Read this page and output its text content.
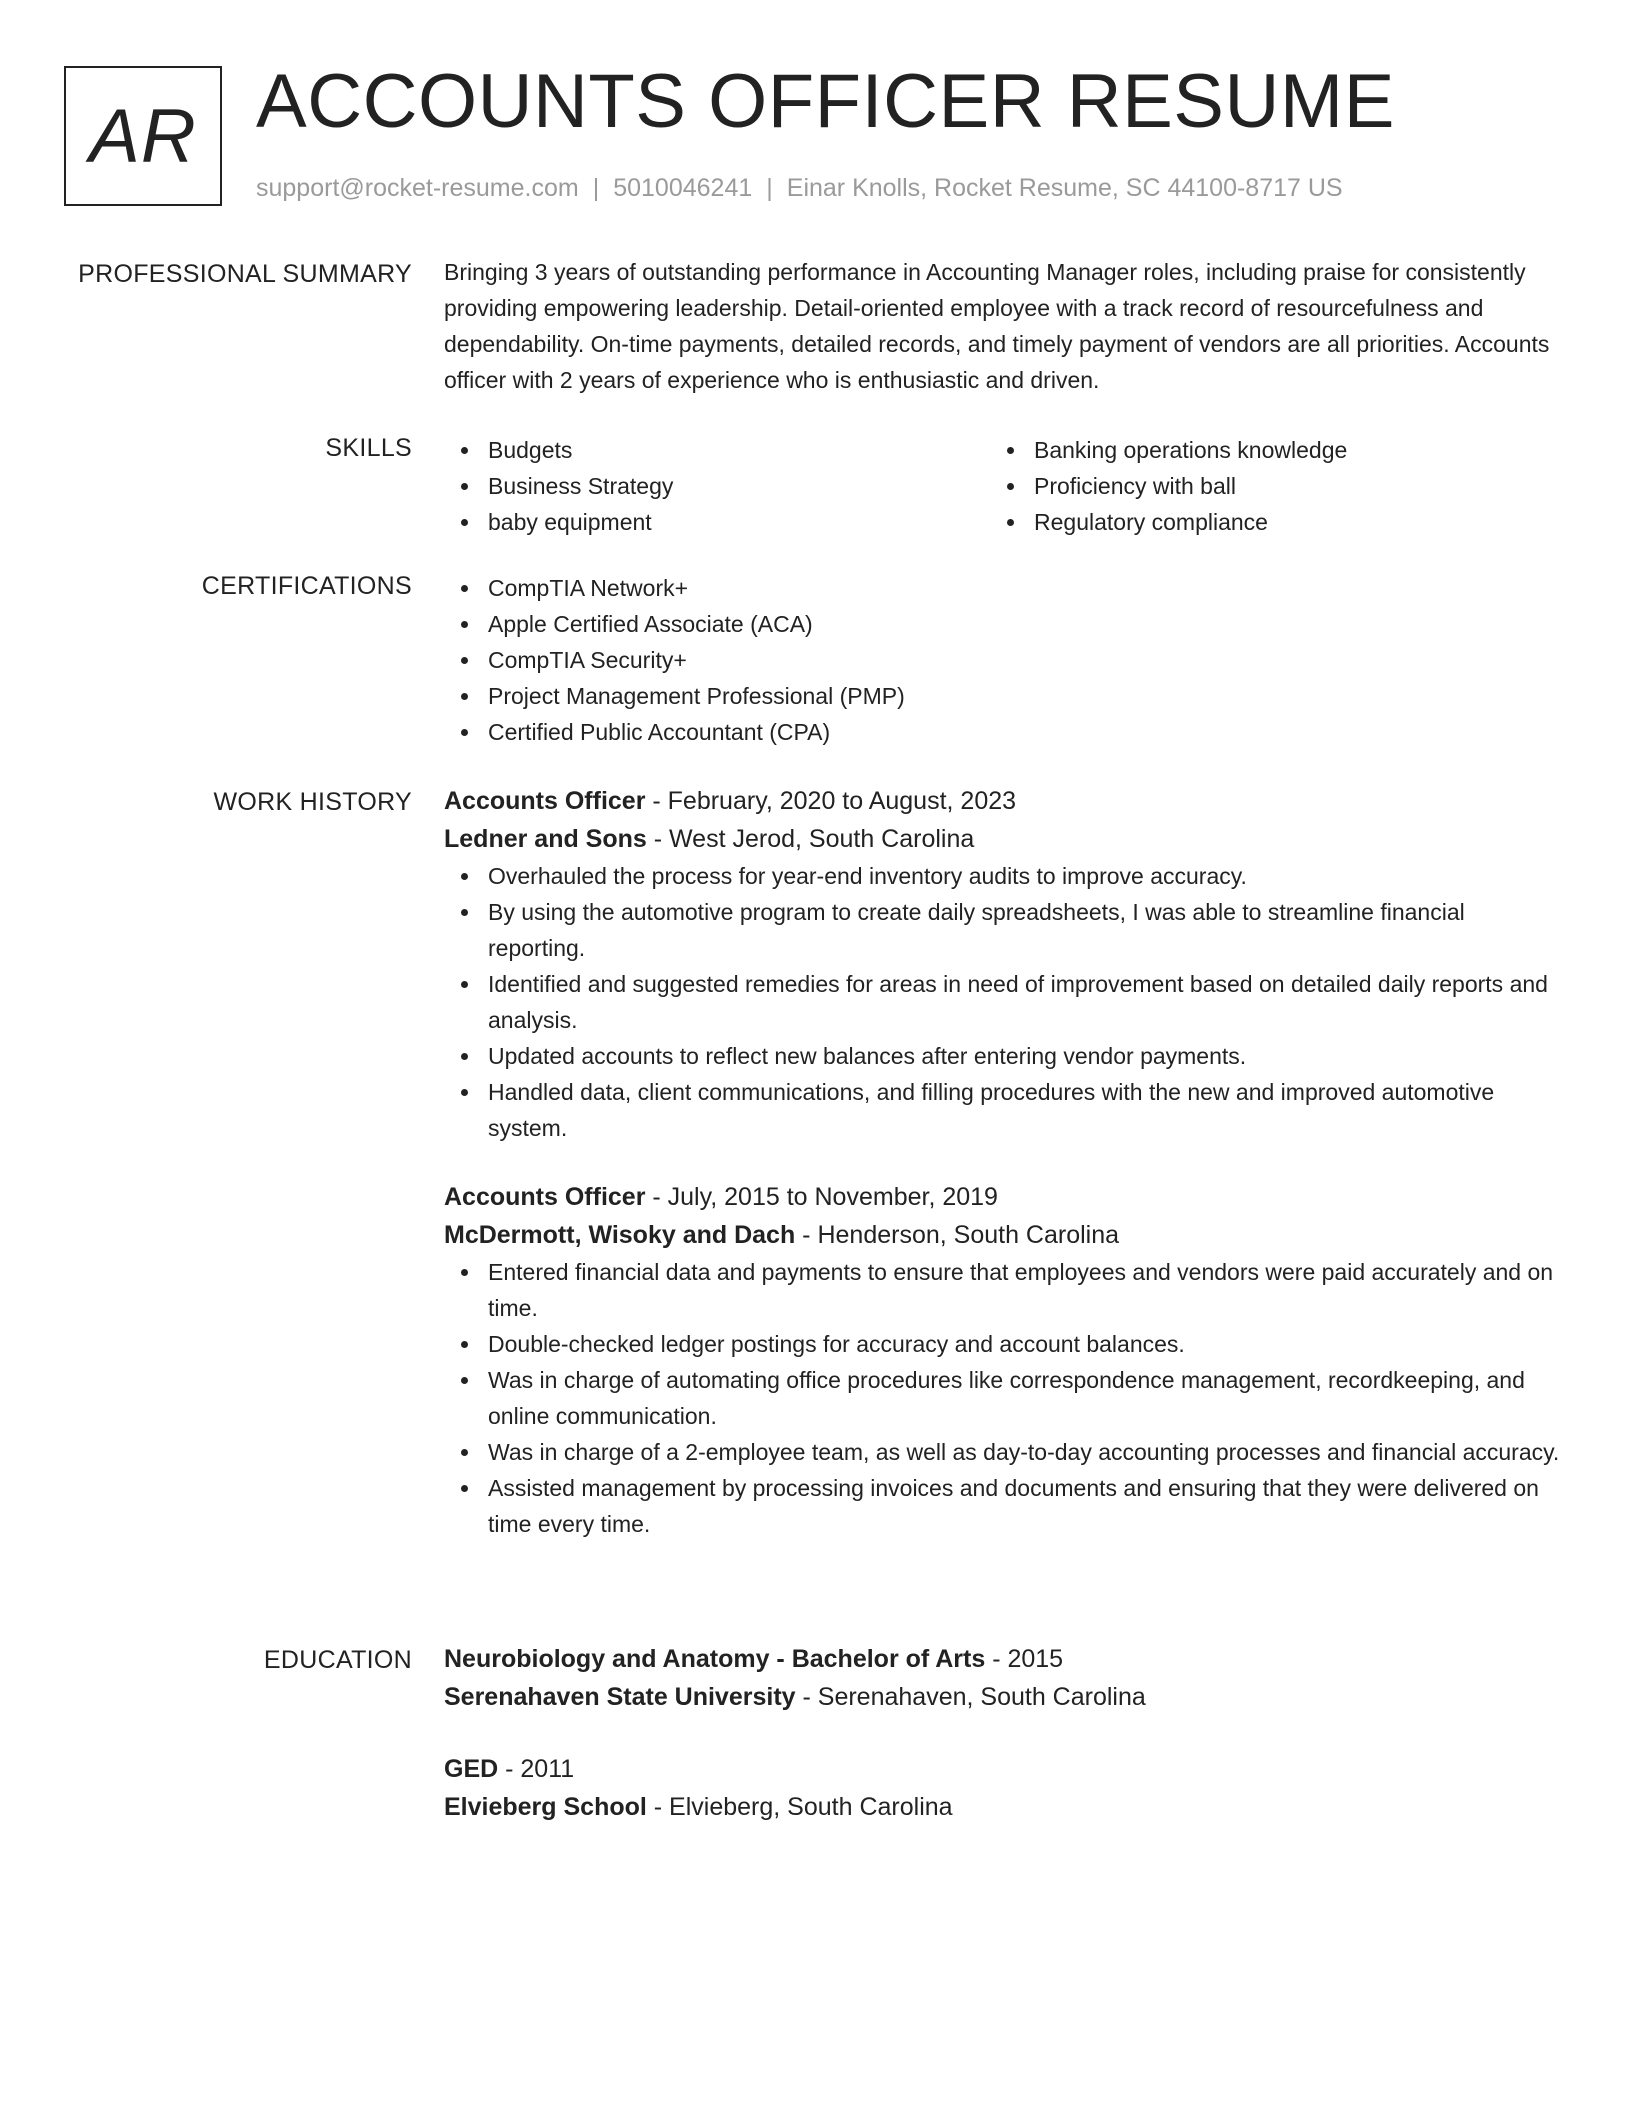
AR ACCOUNTS OFFICER RESUME
support@rocket-resume.com | 5010046241 | Einar Knolls, Rocket Resume, SC 44100-8717 US
PROFESSIONAL SUMMARY Bringing 3 years of outstanding performance in Accounting Manager roles, including praise for consistently providing empowering leadership. Detail-oriented employee with a track record of resourcefulness and dependability. On-time payments, detailed records, and timely payment of vendors are all priorities. Accounts officer with 2 years of experience who is enthusiastic and driven.

SKILLS	Budgets
Business Strategy
baby equipment
Banking operations knowledge
Proficiency with ball
Regulatory compliance
CERTIFICATIONS	CompTIA Network+
Apple Certified Associate (ACA)
CompTIA Security+
Project Management Professional (PMP)
Certified Public Accountant (CPA)
WORK HISTORY Accounts Officer - February, 2020 to August, 2023
Ledner and Sons - West Jerod, South Carolina
Overhauled the process for year-end inventory audits to improve accuracy.
By using the automotive program to create daily spreadsheets, I was able to streamline financial reporting.
Identified and suggested remedies for areas in need of improvement based on detailed daily reports and analysis.
Updated accounts to reflect new balances after entering vendor payments.
Handled data, client communications, and filling procedures with the new and improved automotive system.
Accounts Officer - July, 2015 to November, 2019
McDermott, Wisoky and Dach - Henderson, South Carolina
Entered financial data and payments to ensure that employees and vendors were paid accurately and on time.
Double-checked ledger postings for accuracy and account balances.
Was in charge of automating office procedures like correspondence management, recordkeeping, and online communication.
Was in charge of a 2-employee team, as well as day-to-day accounting processes and financial accuracy.
Assisted management by processing invoices and documents and ensuring that they were delivered on time every time.
EDUCATION Neurobiology and Anatomy - Bachelor of Arts - 2015
Serenahaven State University - Serenahaven, South Carolina
GED - 2011
Elvieberg School - Elvieberg, South Carolina
